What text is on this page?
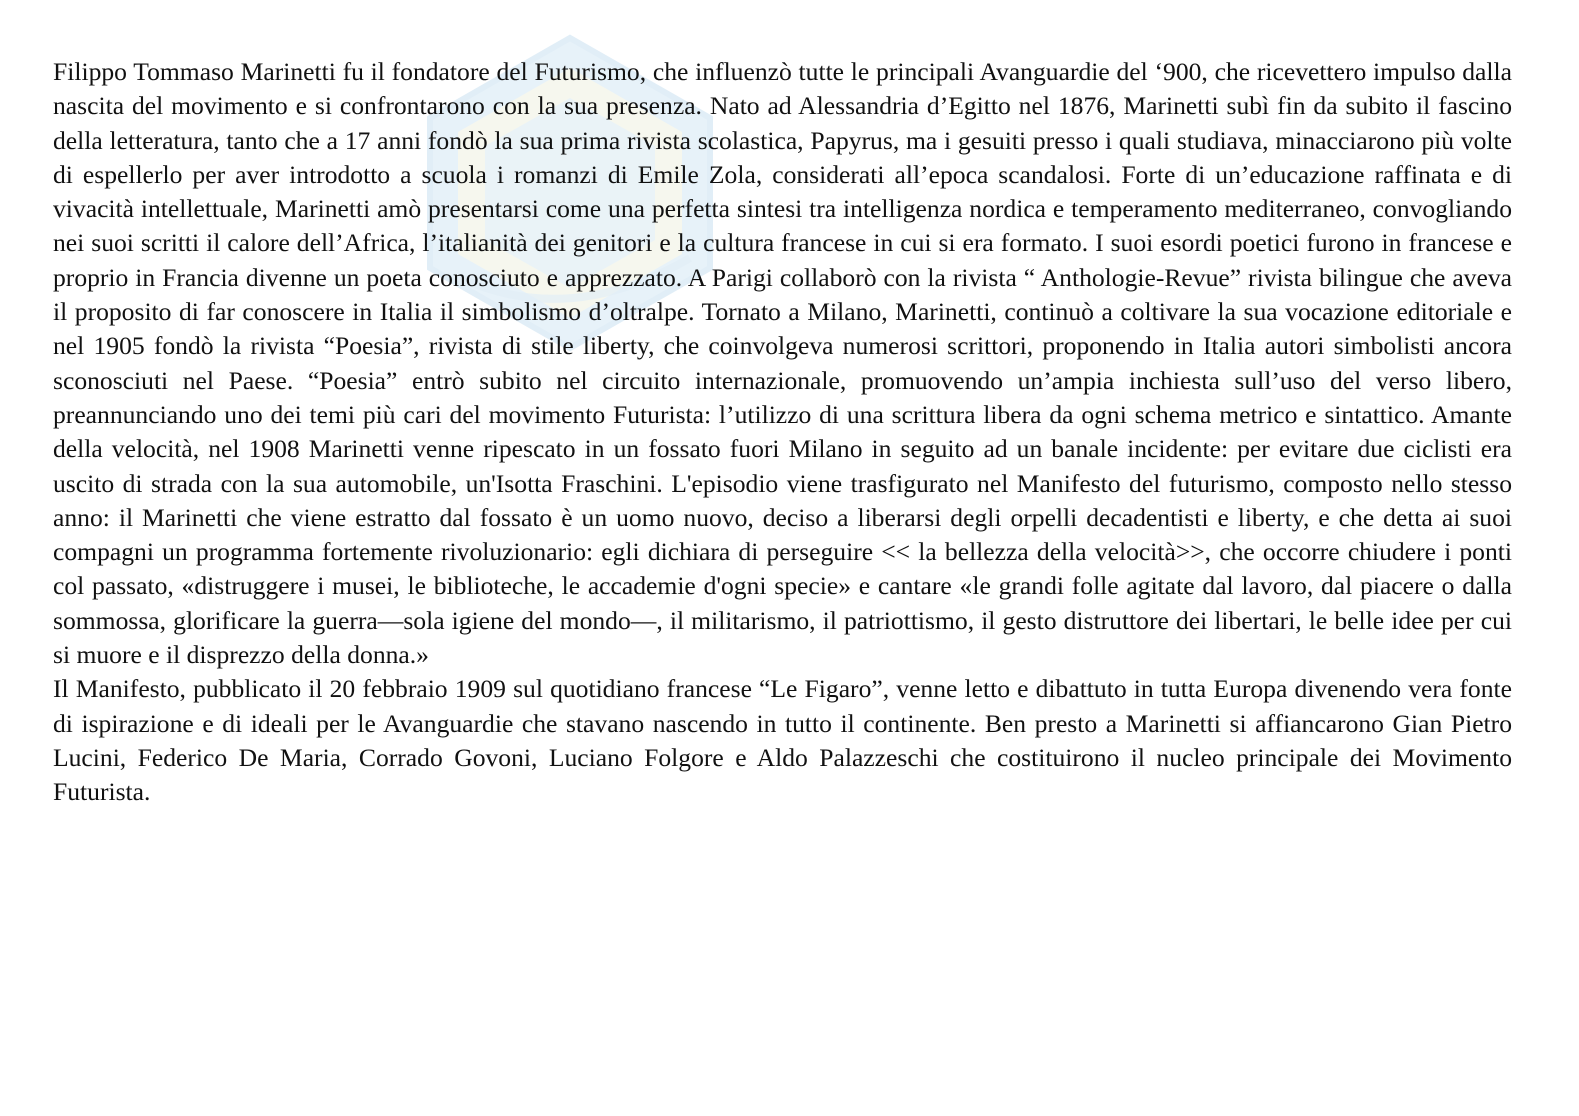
Filippo Tommaso Marinetti fu il fondatore del Futurismo, che influenzò tutte le principali Avanguardie del ‘900, che ricevettero impulso dalla nascita del movimento e si confrontarono con la sua presenza. Nato ad Alessandria d’Egitto nel 1876, Marinetti subì fin da subito il fascino della letteratura, tanto che a 17 anni fondò la sua prima rivista scolastica, Papyrus, ma i gesuiti presso i quali studiava, minacciarono più volte di espellerlo per aver introdotto a scuola i romanzi di Emile Zola, considerati all’epoca scandalosi. Forte di un’educazione raffinata e di vivacità intellettuale, Marinetti amò presentarsi come una perfetta sintesi tra intelligenza nordica e temperamento mediterraneo, convogliando nei suoi scritti il calore dell’Africa, l’italianità dei genitori e la cultura francese in cui si era formato. I suoi esordi poetici furono in francese e proprio in Francia divenne un poeta conosciuto e apprezzato. A Parigi collaborò con la rivista “ Anthologie-Revue” rivista bilingue che aveva il proposito di far conoscere in Italia il simbolismo d’oltralpe. Tornato a Milano, Marinetti, continuò a coltivare la sua vocazione editoriale e nel 1905 fondò la rivista “Poesia”, rivista di stile liberty, che coinvolgeva numerosi scrittori, proponendo in Italia autori simbolisti ancora sconosciuti nel Paese. “Poesia” entrò subito nel circuito internazionale, promuovendo un’ampia inchiesta sull’uso del verso libero, preannunciando uno dei temi più cari del movimento Futurista: l’utilizzo di una scrittura libera da ogni schema metrico e sintattico. Amante della velocità, nel 1908 Marinetti venne ripescato in un fossato fuori Milano in seguito ad un banale incidente: per evitare due ciclisti era uscito di strada con la sua automobile, un'Isotta Fraschini. L'episodio viene trasfigurato nel Manifesto del futurismo, composto nello stesso anno: il Marinetti che viene estratto dal fossato è un uomo nuovo, deciso a liberarsi degli orpelli decadentisti e liberty, e che detta ai suoi compagni un programma fortemente rivoluzionario: egli dichiara di perseguire << la bellezza della velocità>>, che occorre chiudere i ponti col passato, «distruggere i musei, le biblioteche, le accademie d'ogni specie» e cantare «le grandi folle agitate dal lavoro, dal piacere o dalla sommossa, glorificare la guerra—sola igiene del mondo—, il militarismo, il patriottismo, il gesto distruttore dei libertari, le belle idee per cui si muore e il disprezzo della donna.»

Il Manifesto, pubblicato il 20 febbraio 1909 sul quotidiano francese “Le Figaro”, venne letto e dibattuto in tutta Europa divenendo vera fonte di ispirazione e di ideali per le Avanguardie che stavano nascendo in tutto il continente. Ben presto a Marinetti si affiancarono Gian Pietro Lucini, Federico De Maria, Corrado Govoni, Luciano Folgore e Aldo Palazzeschi che costituirono il nucleo principale dei Movimento Futurista.
